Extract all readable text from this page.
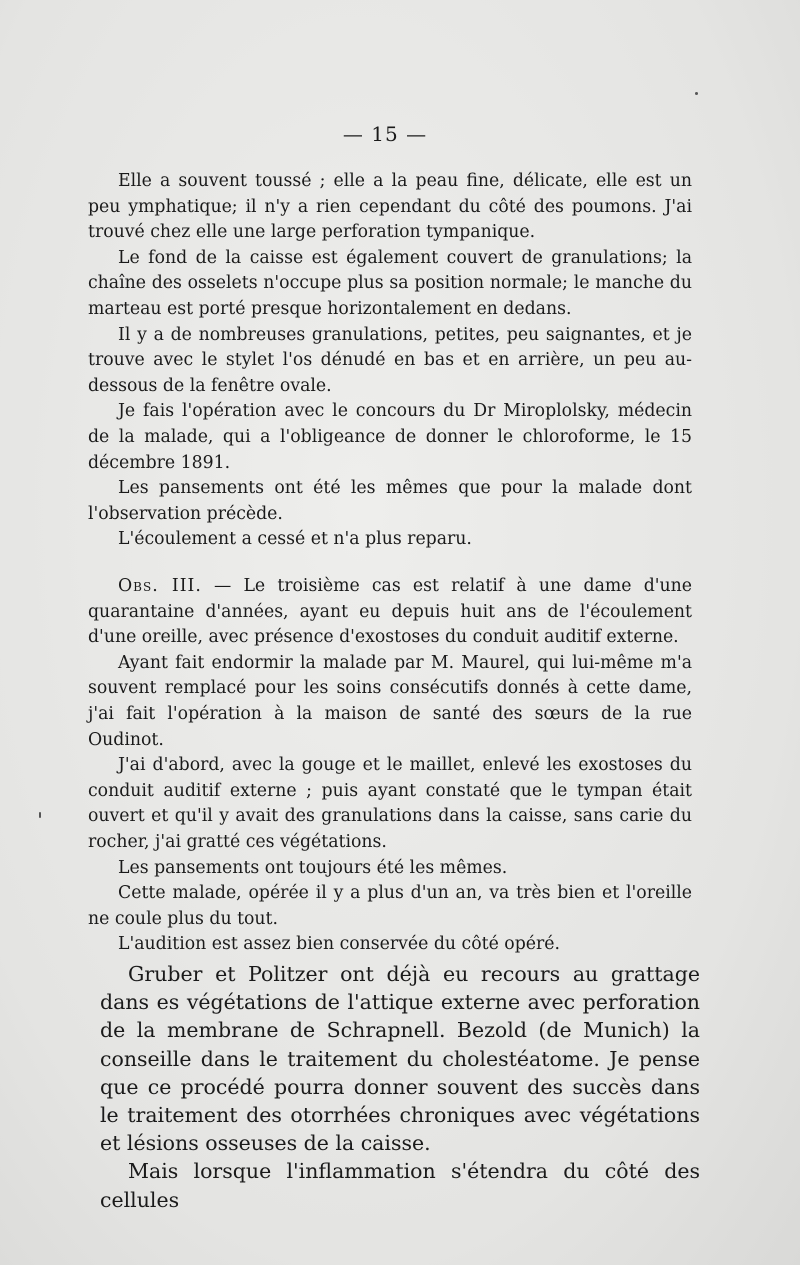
— 15 —

Elle a souvent toussé ; elle a la peau fine, délicate, elle est un peu ymphatique; il n'y a rien cependant du côté des poumons. J'ai trouvé chez elle une large perforation tympanique.

Le fond de la caisse est également couvert de granulations; la chaîne des osselets n'occupe plus sa position normale; le manche du marteau est porté presque horizontalement en dedans.

Il y a de nombreuses granulations, petites, peu saignantes, et je trouve avec le stylet l'os dénudé en bas et en arrière, un peu au-dessous de la fenêtre ovale.

Je fais l'opération avec le concours du Dr Miroplolsky, médecin de la malade, qui a l'obligeance de donner le chloroforme, le 15 décembre 1891.

Les pansements ont été les mêmes que pour la malade dont l'observation précède.

L'écoulement a cessé et n'a plus reparu.

Obs. III. — Le troisième cas est relatif à une dame d'une quarantaine d'années, ayant eu depuis huit ans de l'écoulement d'une oreille, avec présence d'exostoses du conduit auditif externe.

Ayant fait endormir la malade par M. Maurel, qui lui-même m'a souvent remplacé pour les soins consécutifs donnés à cette dame, j'ai fait l'opération à la maison de santé des sœurs de la rue Oudinot.

J'ai d'abord, avec la gouge et le maillet, enlevé les exostoses du conduit auditif externe ; puis ayant constaté que le tympan était ouvert et qu'il y avait des granulations dans la caisse, sans carie du rocher, j'ai gratté ces végétations.

Les pansements ont toujours été les mêmes.

Cette malade, opérée il y a plus d'un an, va très bien et l'oreille ne coule plus du tout.

L'audition est assez bien conservée du côté opéré.

Gruber et Politzer ont déjà eu recours au grattage dans es végétations de l'attique externe avec perforation de la membrane de Schrapnell. Bezold (de Munich) la conseille dans le traitement du cholestéatome. Je pense que ce procédé pourra donner souvent des succès dans le traitement des otorrhées chroniques avec végétations et lésions osseuses de la caisse.

Mais lorsque l'inflammation s'étendra du côté des cellules
